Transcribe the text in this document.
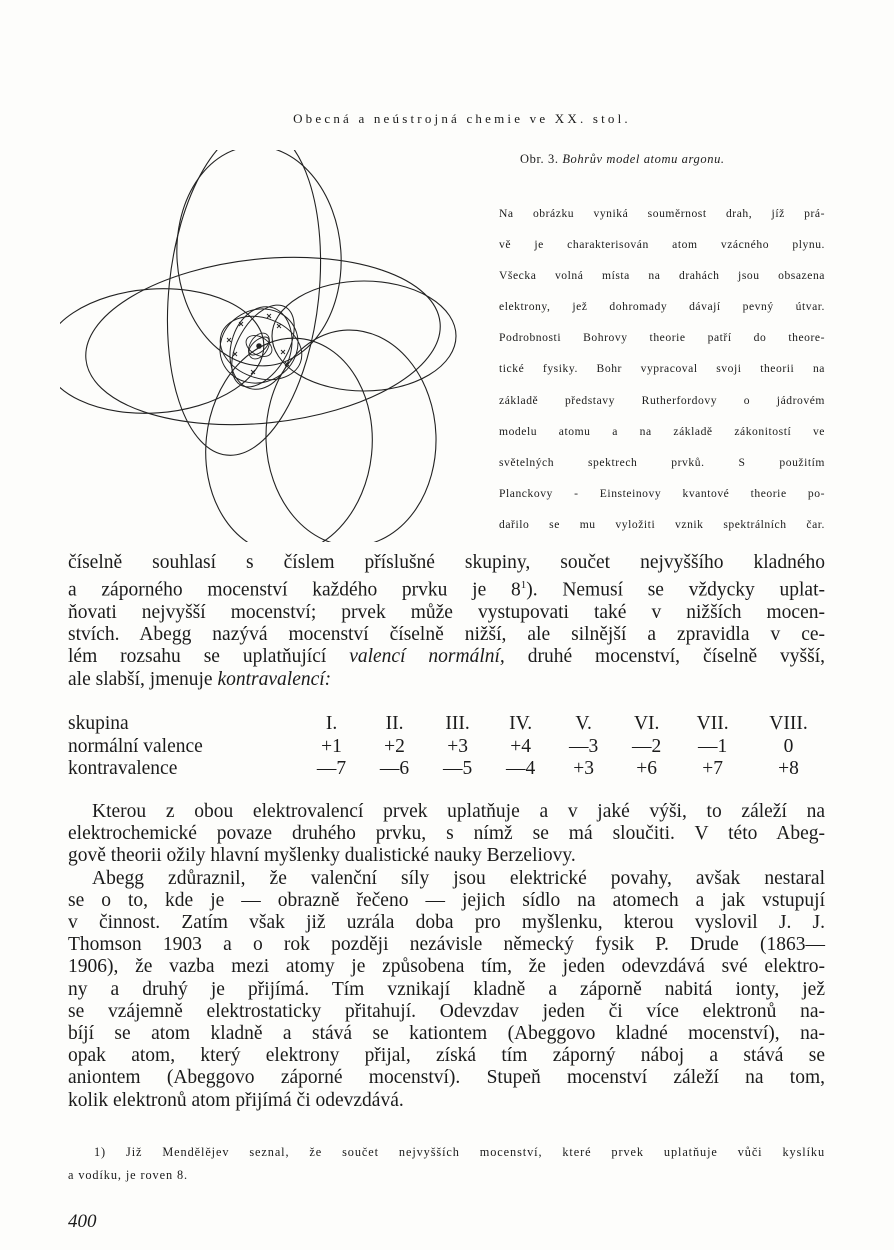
Obecná a neústrojná chemie ve XX. stol.
Obr. 3. Bohrův model atomu argonu.
Na obrázku vyniká souměrnost drah, jíž prá-
vě je charakterisován atom vzácného plynu.
Všecka volná místa na drahách jsou obsazena
elektrony, jež dohromady dávají pevný útvar.
Podrobnosti Bohrovy theorie patří do theore-
tické fysiky. Bohr vypracoval svoji theorii na
základě představy Rutherfordovy o jádrovém
modelu atomu a na základě zákonitostí ve
světelných spektrech prvků. S použitím
Planckovy - Einsteinovy kvantové theorie po-
dařilo se mu vyložiti vznik spektrálních čar.
číselně souhlasí s číslem příslušné skupiny, součet nejvyššího kladného
a záporného mocenství každého prvku je $8^1$). Nemusí se vždycky uplat-
ňovati nejvyšší mocenství; prvek může vystupovati také v nižších mocen-
stvích. Abegg nazývá mocenství číselně nižší, ale silnější a zpravidla v ce-
lém rozsahu se uplatňující valencí normální, druhé mocenství, číselně vyšší,
ale slabší, jmenuje kontravalencí:
skupina	I.	II.	III.	IV.	V.	VI.	VII.	VIII.
normální valence	+1	+2	+3	+4	—3	—2	—1	0
kontravalence	—7	—6	—5	—4	+3	+6	+7	+8
Kterou z obou elektrovalencí prvek uplatňuje a v jaké výši, to záleží na
elektrochemické povaze druhého prvku, s nímž se má sloučiti. V této Abeg-
gově theorii ožily hlavní myšlenky dualistické nauky Berzeliovy.
Abegg zdůraznil, že valenční síly jsou elektrické povahy, avšak nestaral
se o to, kde je — obrazně řečeno — jejich sídlo na atomech a jak vstupují
v činnost. Zatím však již uzrála doba pro myšlenku, kterou vyslovil J. J.
Thomson 1903 a o rok později nezávisle německý fysik P. Drude (1863—
1906), že vazba mezi atomy je způsobena tím, že jeden odevzdává své elektro-
ny a druhý je přijímá. Tím vznikají kladně a záporně nabitá ionty, jež
se vzájemně elektrostaticky přitahují. Odevzdav jeden či více elektronů na-
bíjí se atom kladně a stává se kationtem (Abeggovo kladné mocenství), na-
opak atom, který elektrony přijal, získá tím záporný náboj a stává se
aniontem (Abeggovo záporné mocenství). Stupeň mocenství záleží na tom,
kolik elektronů atom přijímá či odevzdává.
1) Již Mendělějev seznal, že součet nejvyšších mocenství, které prvek uplatňuje vůči kyslíku
a vodíku, je roven 8.
400
